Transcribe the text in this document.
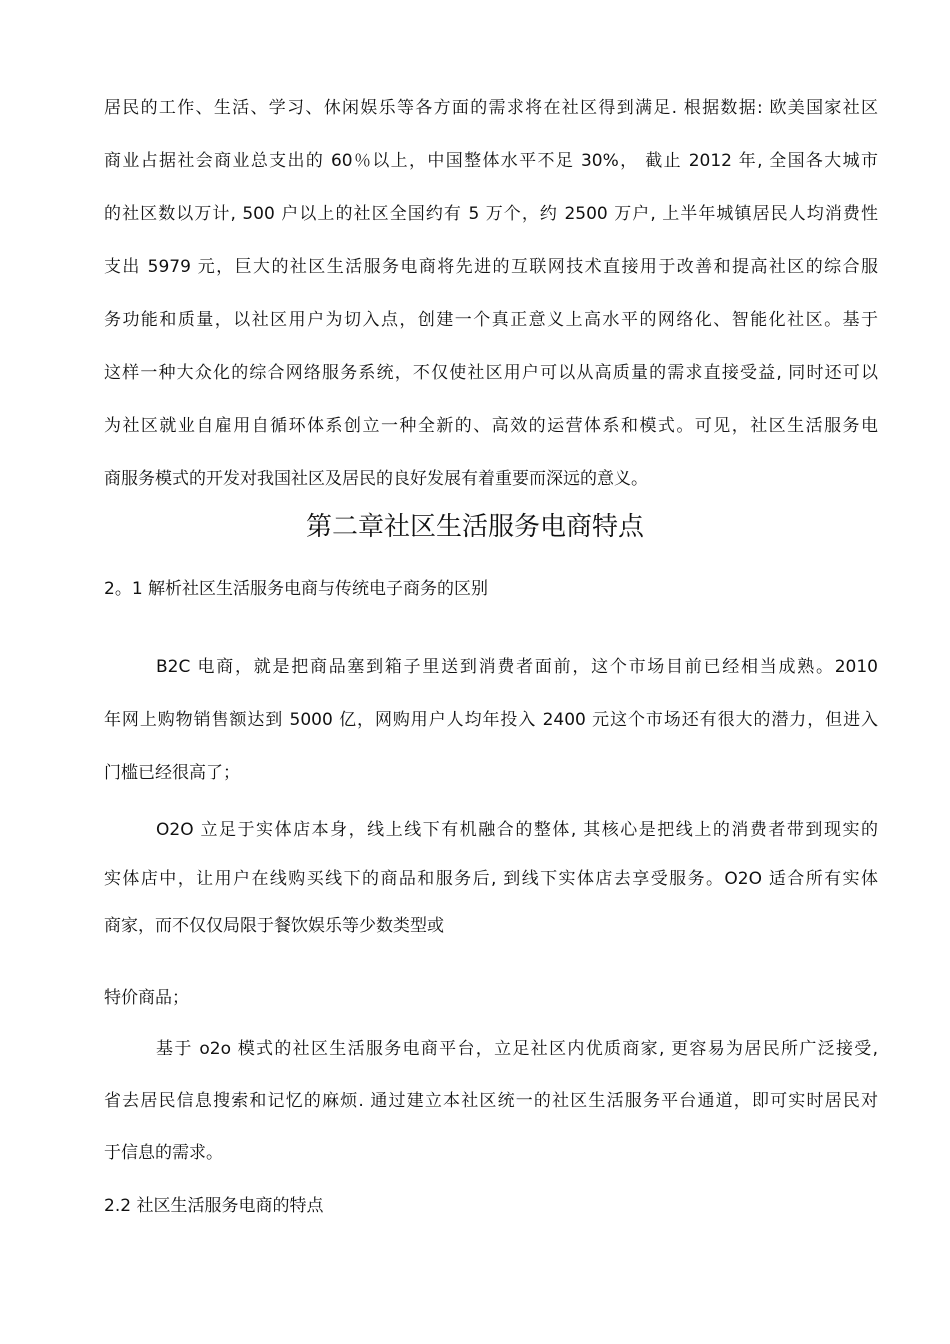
居民的工作、生活、学习、休闲娱乐等各方面的需求将在社区得到满足. 根据数据: 欧美国家社区
商业占据社会商业总支出的 60％以上，中国整体水平不足 30%， 截止 2012 年, 全国各大城市
的社区数以万计, 500 户以上的社区全国约有 5 万个，约 2500 万户, 上半年城镇居民人均消费性
支出 5979 元，巨大的社区生活服务电商将先进的互联网技术直接用于改善和提高社区的综合服
务功能和质量，以社区用户为切入点，创建一个真正意义上高水平的网络化、智能化社区。基于
这样一种大众化的综合网络服务系统，不仅使社区用户可以从高质量的需求直接受益, 同时还可以
为社区就业自雇用自循环体系创立一种全新的、高效的运营体系和模式。可见，社区生活服务电
商服务模式的开发对我国社区及居民的良好发展有着重要而深远的意义。
第二章社区生活服务电商特点
2。1 解析社区生活服务电商与传统电子商务的区别
B2C 电商，就是把商品塞到箱子里送到消费者面前，这个市场目前已经相当成熟。2010
年网上购物销售额达到 5000 亿，网购用户人均年投入 2400 元这个市场还有很大的潜力，但进入
门槛已经很高了；
O2O 立足于实体店本身，线上线下有机融合的整体, 其核心是把线上的消费者带到现实的
实体店中，让用户在线购买线下的商品和服务后, 到线下实体店去享受服务。O2O 适合所有实体
商家，而不仅仅局限于餐饮娱乐等少数类型或
特价商品；
基于 o2o 模式的社区生活服务电商平台，立足社区内优质商家, 更容易为居民所广泛接受,
省去居民信息搜索和记忆的麻烦. 通过建立本社区统一的社区生活服务平台通道，即可实时居民对
于信息的需求。
2.2 社区生活服务电商的特点
